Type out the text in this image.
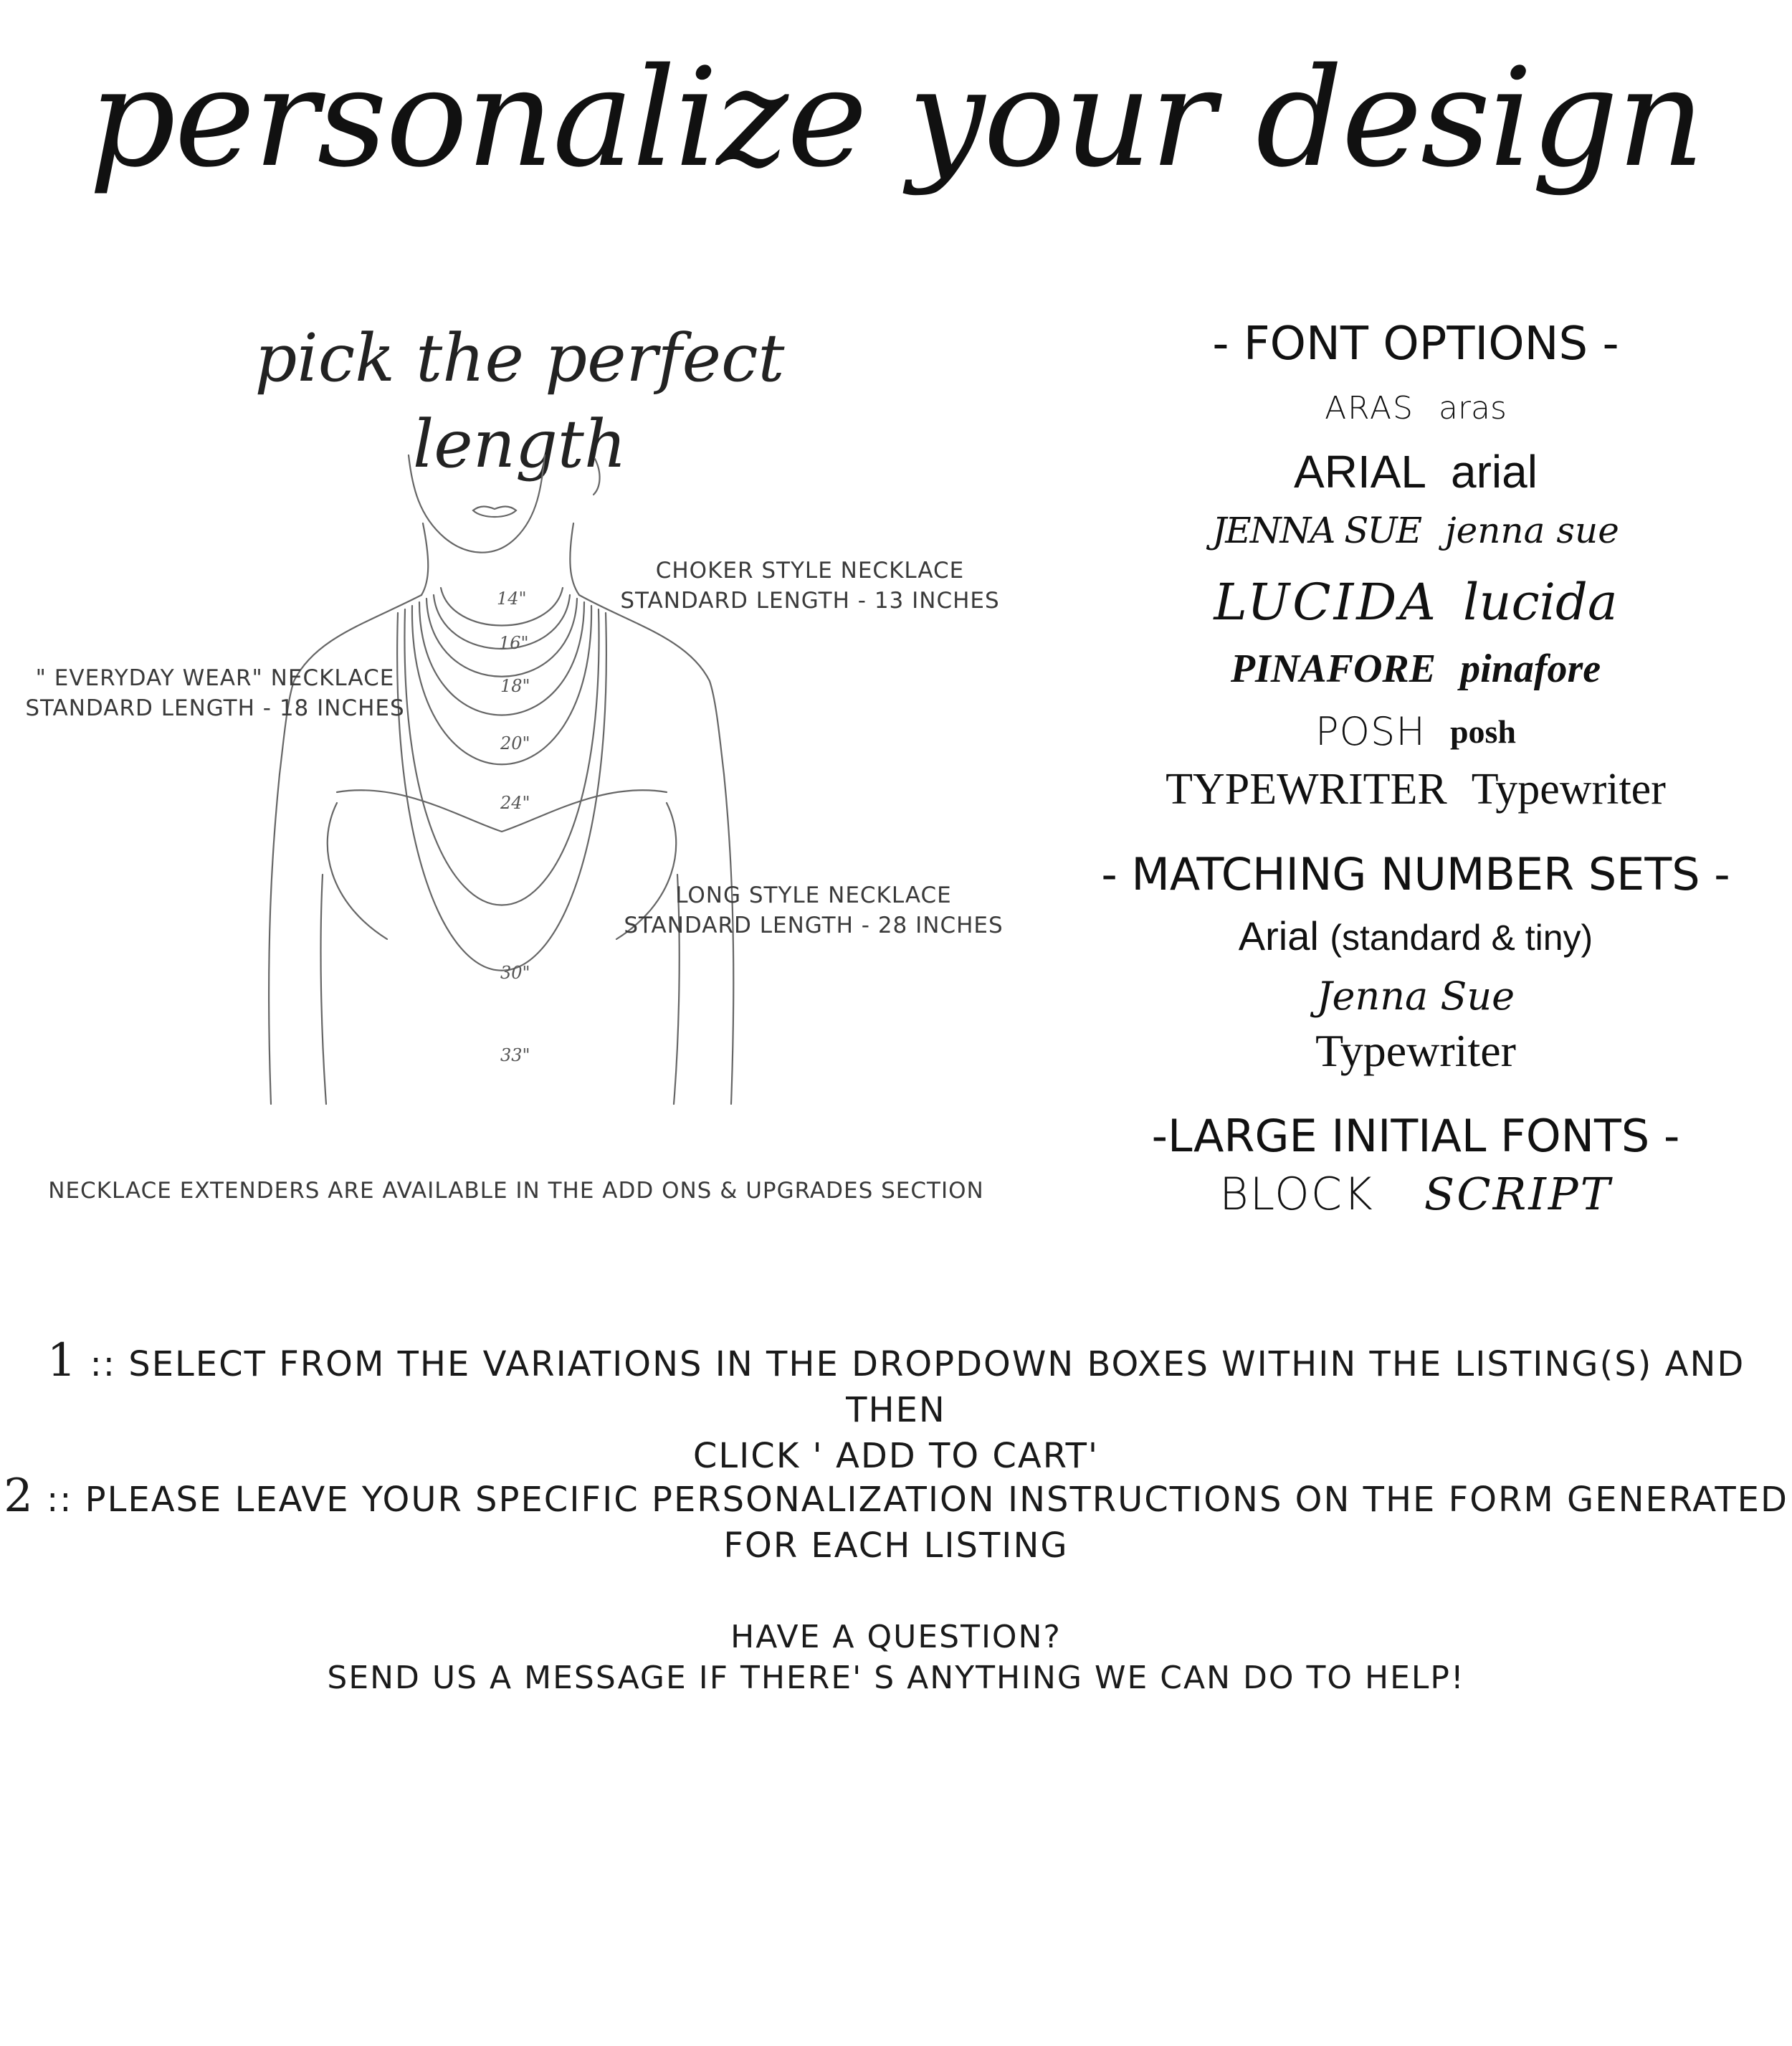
personalize your design
pick the perfect length
14"
16"
18"
20"
24"
30"
33"
CHOKER STYLE NECKLACE
STANDARD LENGTH - 13 INCHES
" EVERYDAY WEAR" NECKLACE
STANDARD LENGTH - 18 INCHES
LONG STYLE NECKLACE
STANDARD LENGTH - 28 INCHES
NECKLACE EXTENDERS ARE AVAILABLE IN THE ADD ONS & UPGRADES SECTION
- FONT OPTIONS -
ARAS aras
ARIAL arial
JENNA SUE jenna sue
LUCIDA lucida
PINAFORE pinafore
POSH posh
TYPEWRITER Typewriter
- MATCHING NUMBER SETS -
Arial (standard & tiny)
Jenna Sue
Typewriter
-LARGE INITIAL FONTS -
BLOCK SCRIPT
1 :: SELECT FROM THE VARIATIONS IN THE DROPDOWN BOXES WITHIN THE LISTING(S) AND THEN
CLICK ' ADD TO CART'
2 :: PLEASE LEAVE YOUR SPECIFIC PERSONALIZATION INSTRUCTIONS ON THE FORM GENERATED
FOR EACH LISTING
HAVE A QUESTION?
SEND US A MESSAGE IF THERE' S ANYTHING WE CAN DO TO HELP!
